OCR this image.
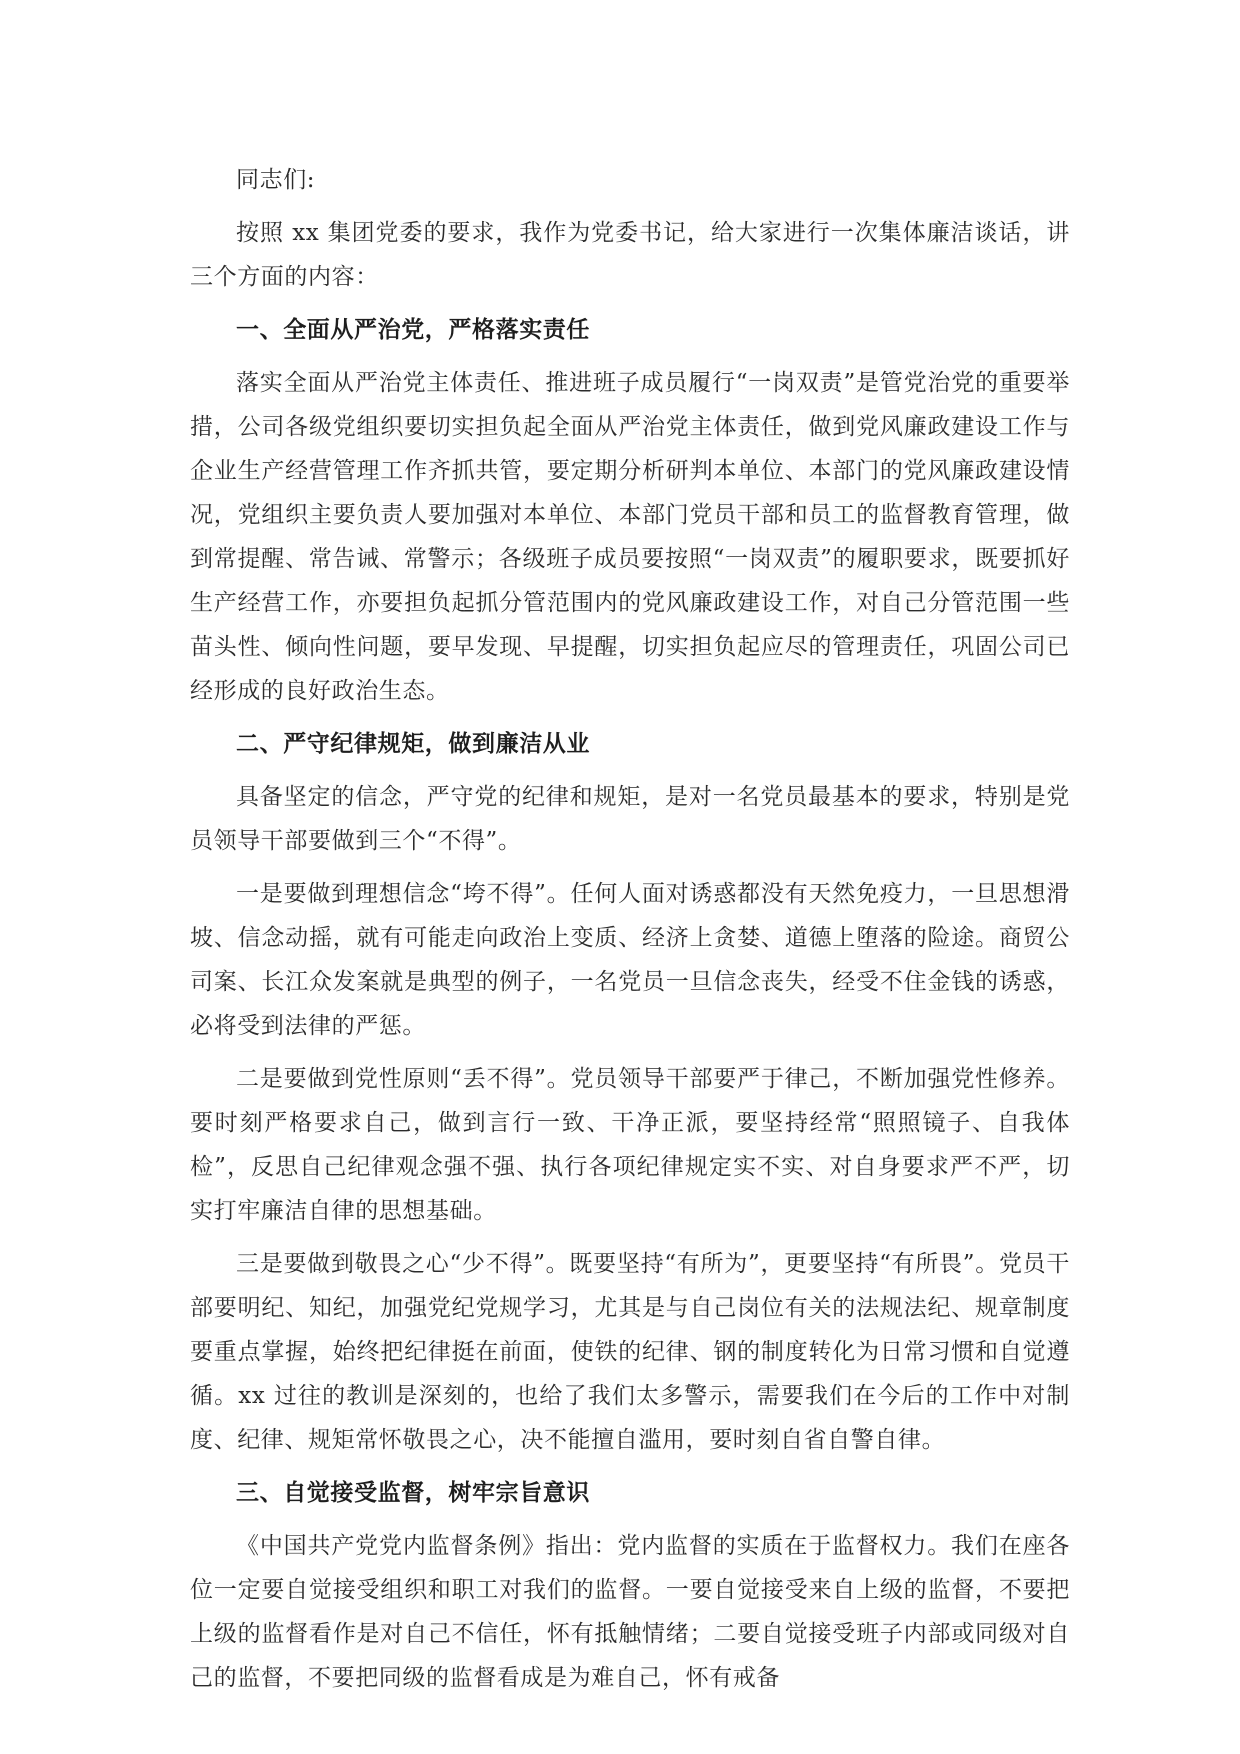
同志们:

按照 xx 集团党委的要求，我作为党委书记，给大家进行一次集体廉洁谈话，讲三个方面的内容：

一、全面从严治党，严格落实责任

落实全面从严治党主体责任、推进班子成员履行“一岗双责”是管党治党的重要举措，公司各级党组织要切实担负起全面从严治党主体责任，做到党风廉政建设工作与企业生产经营管理工作齐抓共管，要定期分析研判本单位、本部门的党风廉政建设情况，党组织主要负责人要加强对本单位、本部门党员干部和员工的监督教育管理，做到常提醒、常告诫、常警示；各级班子成员要按照“一岗双责”的履职要求，既要抓好生产经营工作，亦要担负起抓分管范围内的党风廉政建设工作，对自己分管范围一些苗头性、倾向性问题，要早发现、早提醒，切实担负起应尽的管理责任，巩固公司已经形成的良好政治生态。

二、严守纪律规矩，做到廉洁从业

具备坚定的信念，严守党的纪律和规矩，是对一名党员最基本的要求，特别是党员领导干部要做到三个“不得”。

一是要做到理想信念“垮不得”。任何人面对诱惑都没有天然免疫力，一旦思想滑坡、信念动摇，就有可能走向政治上变质、经济上贪婪、道德上堕落的险途。商贸公司案、长江众发案就是典型的例子，一名党员一旦信念丧失，经受不住金钱的诱惑，必将受到法律的严惩。

二是要做到党性原则“丢不得”。党员领导干部要严于律己，不断加强党性修养。要时刻严格要求自己，做到言行一致、干净正派，要坚持经常“照照镜子、自我体检”，反思自己纪律观念强不强、执行各项纪律规定实不实、对自身要求严不严，切实打牢廉洁自律的思想基础。

三是要做到敬畏之心“少不得”。既要坚持“有所为”，更要坚持“有所畏”。党员干部要明纪、知纪，加强党纪党规学习，尤其是与自己岗位有关的法规法纪、规章制度要重点掌握，始终把纪律挺在前面，使铁的纪律、钢的制度转化为日常习惯和自觉遵循。xx 过往的教训是深刻的，也给了我们太多警示，需要我们在今后的工作中对制度、纪律、规矩常怀敬畏之心，决不能擅自滥用，要时刻自省自警自律。

三、自觉接受监督，树牢宗旨意识

《中国共产党党内监督条例》指出：党内监督的实质在于监督权力。我们在座各位一定要自觉接受组织和职工对我们的监督。一要自觉接受来自上级的监督，不要把上级的监督看作是对自己不信任，怀有抵触情绪；二要自觉接受班子内部或同级对自己的监督，不要把同级的监督看成是为难自己，怀有戒备
